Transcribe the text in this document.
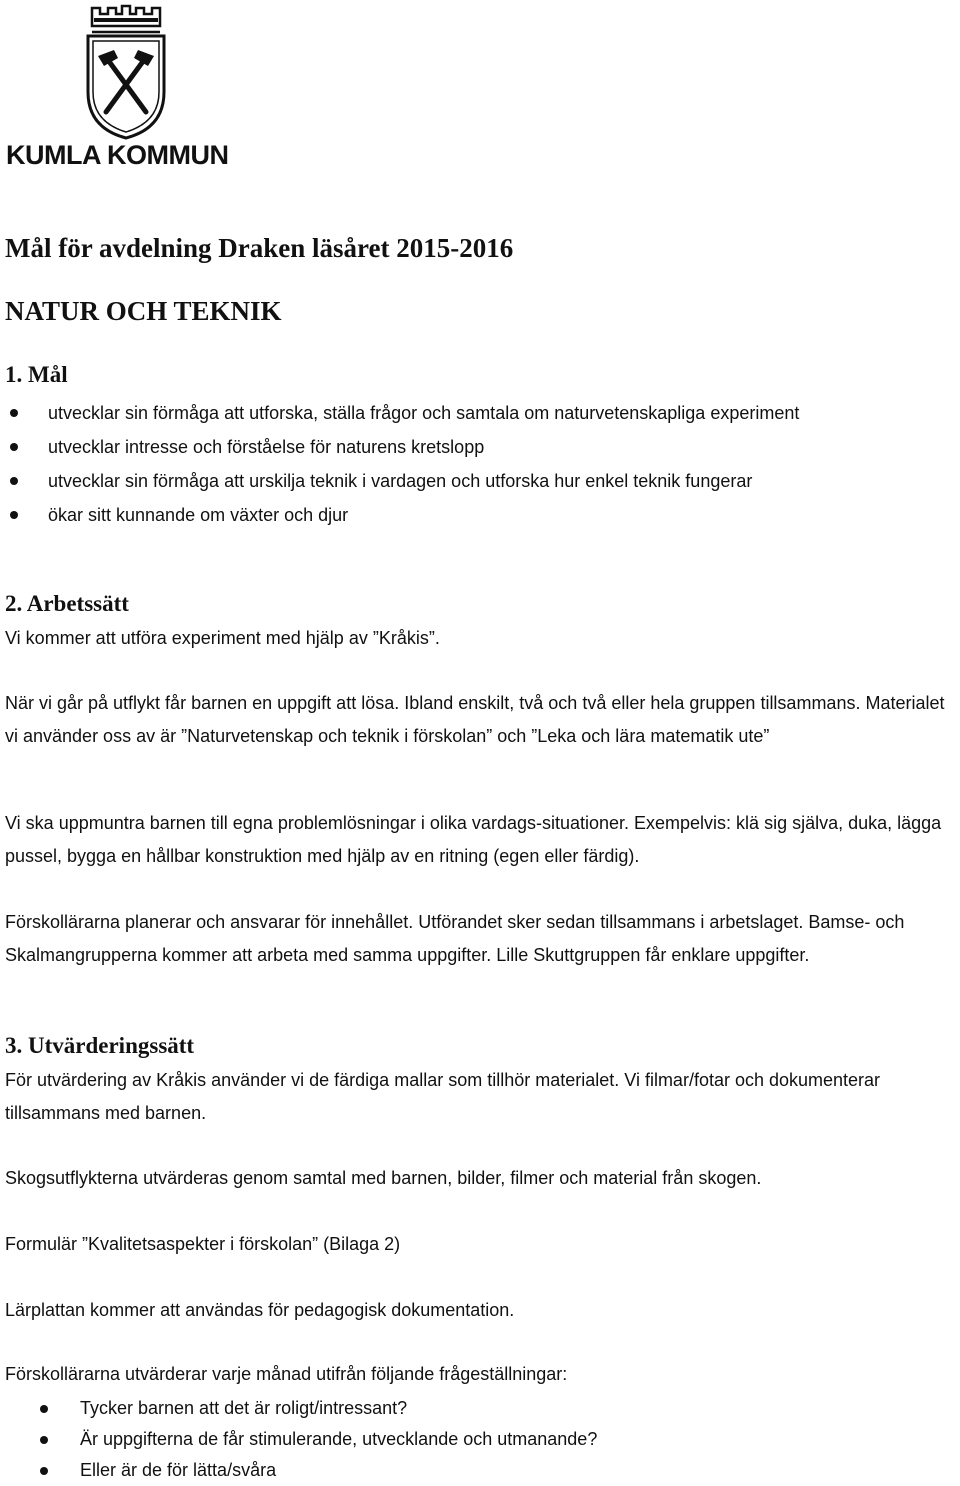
KUMLA KOMMUN
Mål för avdelning Draken läsåret 2015-2016
NATUR OCH TEKNIK
1. Mål
utvecklar sin förmåga att utforska, ställa frågor och samtala om naturvetenskapliga experiment
utvecklar intresse och förståelse för naturens kretslopp
utvecklar sin förmåga att urskilja teknik i vardagen och utforska hur enkel teknik fungerar
ökar sitt kunnande om växter och djur
2. Arbetssätt
Vi kommer att utföra experiment med hjälp av ”Kråkis”.
När vi går på utflykt får barnen en uppgift att lösa. Ibland enskilt, två och två eller hela gruppen tillsammans. Materialet vi använder oss av är ”Naturvetenskap och teknik i förskolan” och ”Leka och lära matematik ute”
Vi ska uppmuntra barnen till egna problemlösningar i olika vardags-situationer. Exempelvis: klä sig själva, duka, lägga pussel, bygga en hållbar konstruktion med hjälp av en ritning (egen eller färdig).
Förskollärarna planerar och ansvarar för innehållet. Utförandet sker sedan tillsammans i arbetslaget. Bamse- och Skalmangrupperna kommer att arbeta med samma uppgifter. Lille Skuttgruppen får enklare uppgifter.
3. Utvärderingssätt
För utvärdering av Kråkis använder vi de färdiga mallar som tillhör materialet. Vi filmar/fotar och dokumenterar tillsammans med barnen.
Skogsutflykterna utvärderas genom samtal med barnen, bilder, filmer och material från skogen.
Formulär ”Kvalitetsaspekter i förskolan” (Bilaga 2)
Lärplattan kommer att användas för pedagogisk dokumentation.
Förskollärarna utvärderar varje månad utifrån följande frågeställningar:
Tycker barnen att det är roligt/intressant?
Är uppgifterna de får stimulerande, utvecklande och utmanande?
Eller är de för lätta/svåra
